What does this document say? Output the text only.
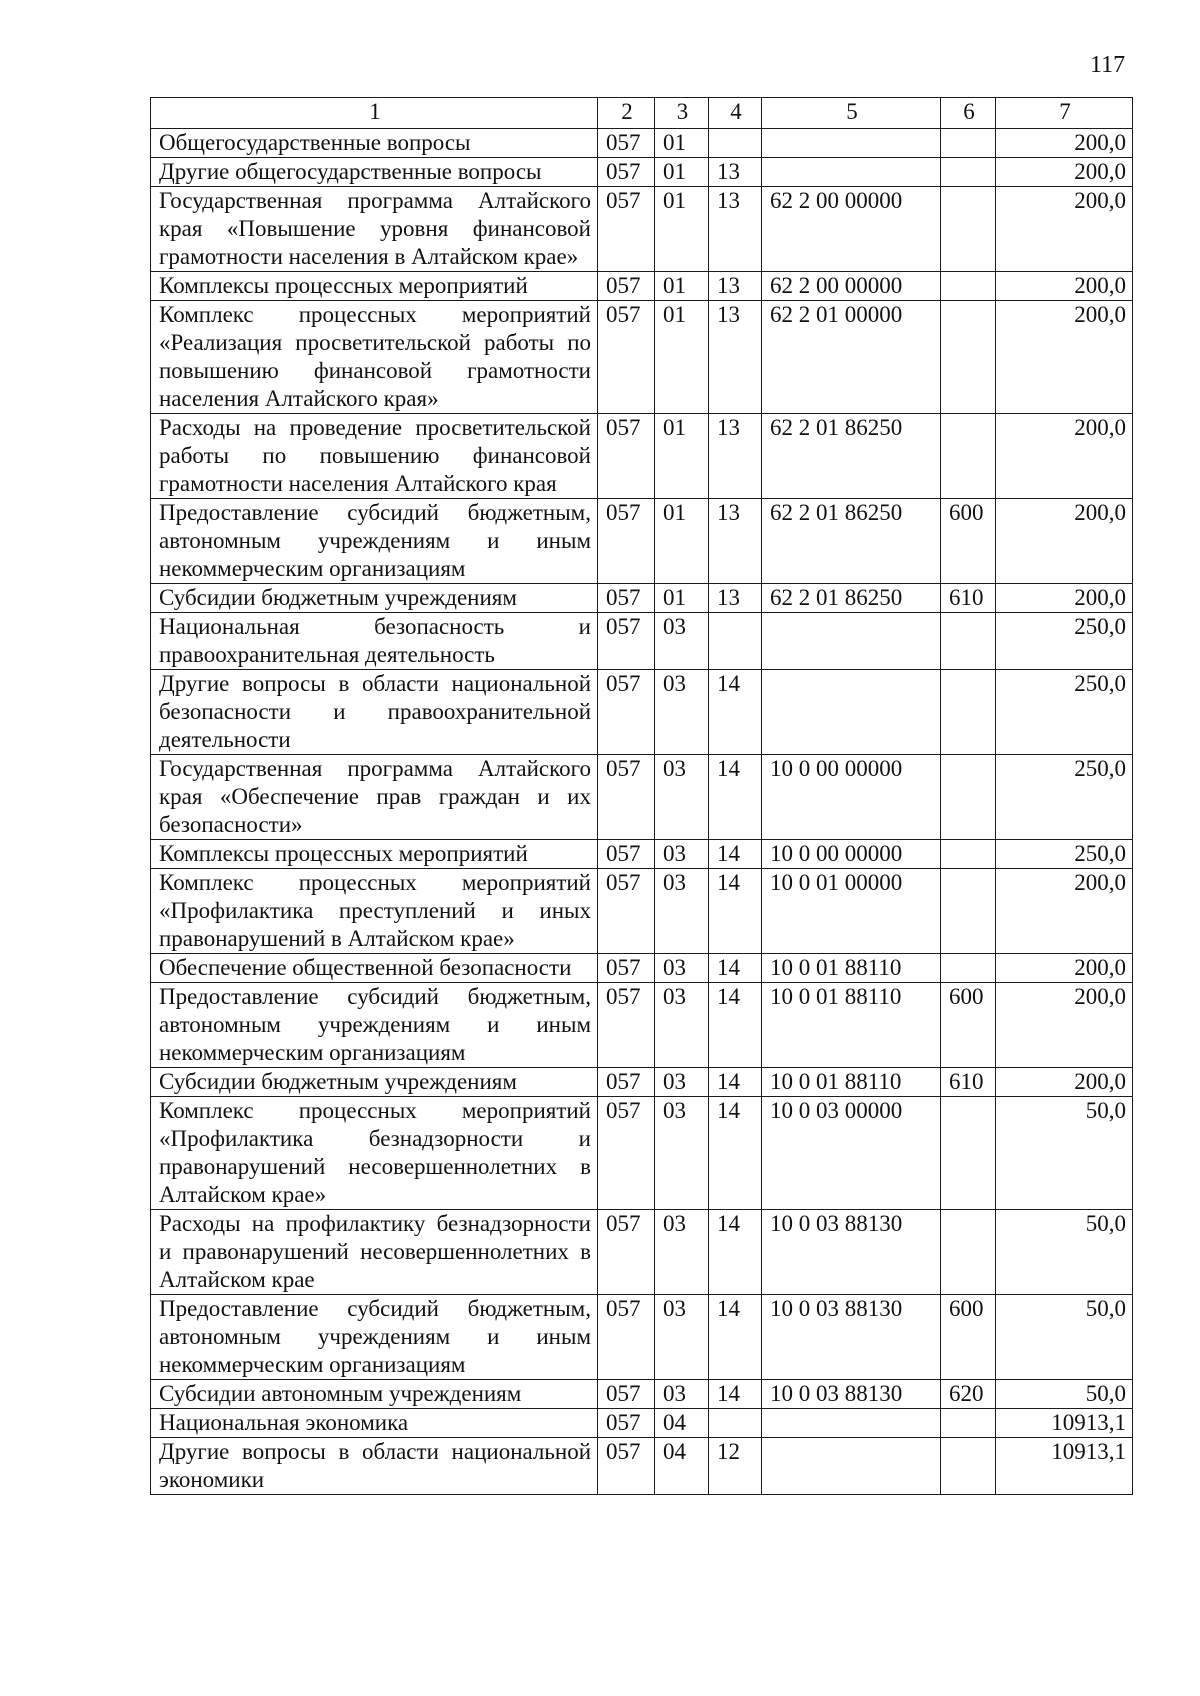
117
1	2	3	4	5	6	7
Общегосударственные вопросы	057	01				200,0
Другие общегосударственные вопросы	057	01	13			200,0
Государственная программа Алтайского края «Повышение уровня финансовой грамотности населения в Алтайском крае»	057	01	13	62 2 00 00000		200,0
Комплексы процессных мероприятий	057	01	13	62 2 00 00000		200,0
Комплекс процессных мероприятий «Реализация просветительской работы по повышению финансовой грамотности населения Алтайского края»	057	01	13	62 2 01 00000		200,0
Расходы на проведение просветительской работы по повышению финансовой грамотности населения Алтайского края	057	01	13	62 2 01 86250		200,0
Предоставление субсидий бюджетным, автономным учреждениям и иным некоммерческим организациям	057	01	13	62 2 01 86250	600	200,0
Субсидии бюджетным учреждениям	057	01	13	62 2 01 86250	610	200,0
Национальная безопасность и правоохранительная деятельность	057	03				250,0
Другие вопросы в области национальной безопасности и правоохранительной деятельности	057	03	14			250,0
Государственная программа Алтайского края «Обеспечение прав граждан и их безопасности»	057	03	14	10 0 00 00000		250,0
Комплексы процессных мероприятий	057	03	14	10 0 00 00000		250,0
Комплекс процессных мероприятий «Профилактика преступлений и иных правонарушений в Алтайском крае»	057	03	14	10 0 01 00000		200,0
Обеспечение общественной безопасности	057	03	14	10 0 01 88110		200,0
Предоставление субсидий бюджетным, автономным учреждениям и иным некоммерческим организациям	057	03	14	10 0 01 88110	600	200,0
Субсидии бюджетным учреждениям	057	03	14	10 0 01 88110	610	200,0
Комплекс процессных мероприятий «Профилактика безнадзорности и правонарушений несовершеннолетних в Алтайском крае»	057	03	14	10 0 03 00000		50,0
Расходы на профилактику безнадзорности и правонарушений несовершеннолетних в Алтайском крае	057	03	14	10 0 03 88130		50,0
Предоставление субсидий бюджетным, автономным учреждениям и иным некоммерческим организациям	057	03	14	10 0 03 88130	600	50,0
Субсидии автономным учреждениям	057	03	14	10 0 03 88130	620	50,0
Национальная экономика	057	04				10913,1
Другие вопросы в области национальной экономики	057	04	12			10913,1
